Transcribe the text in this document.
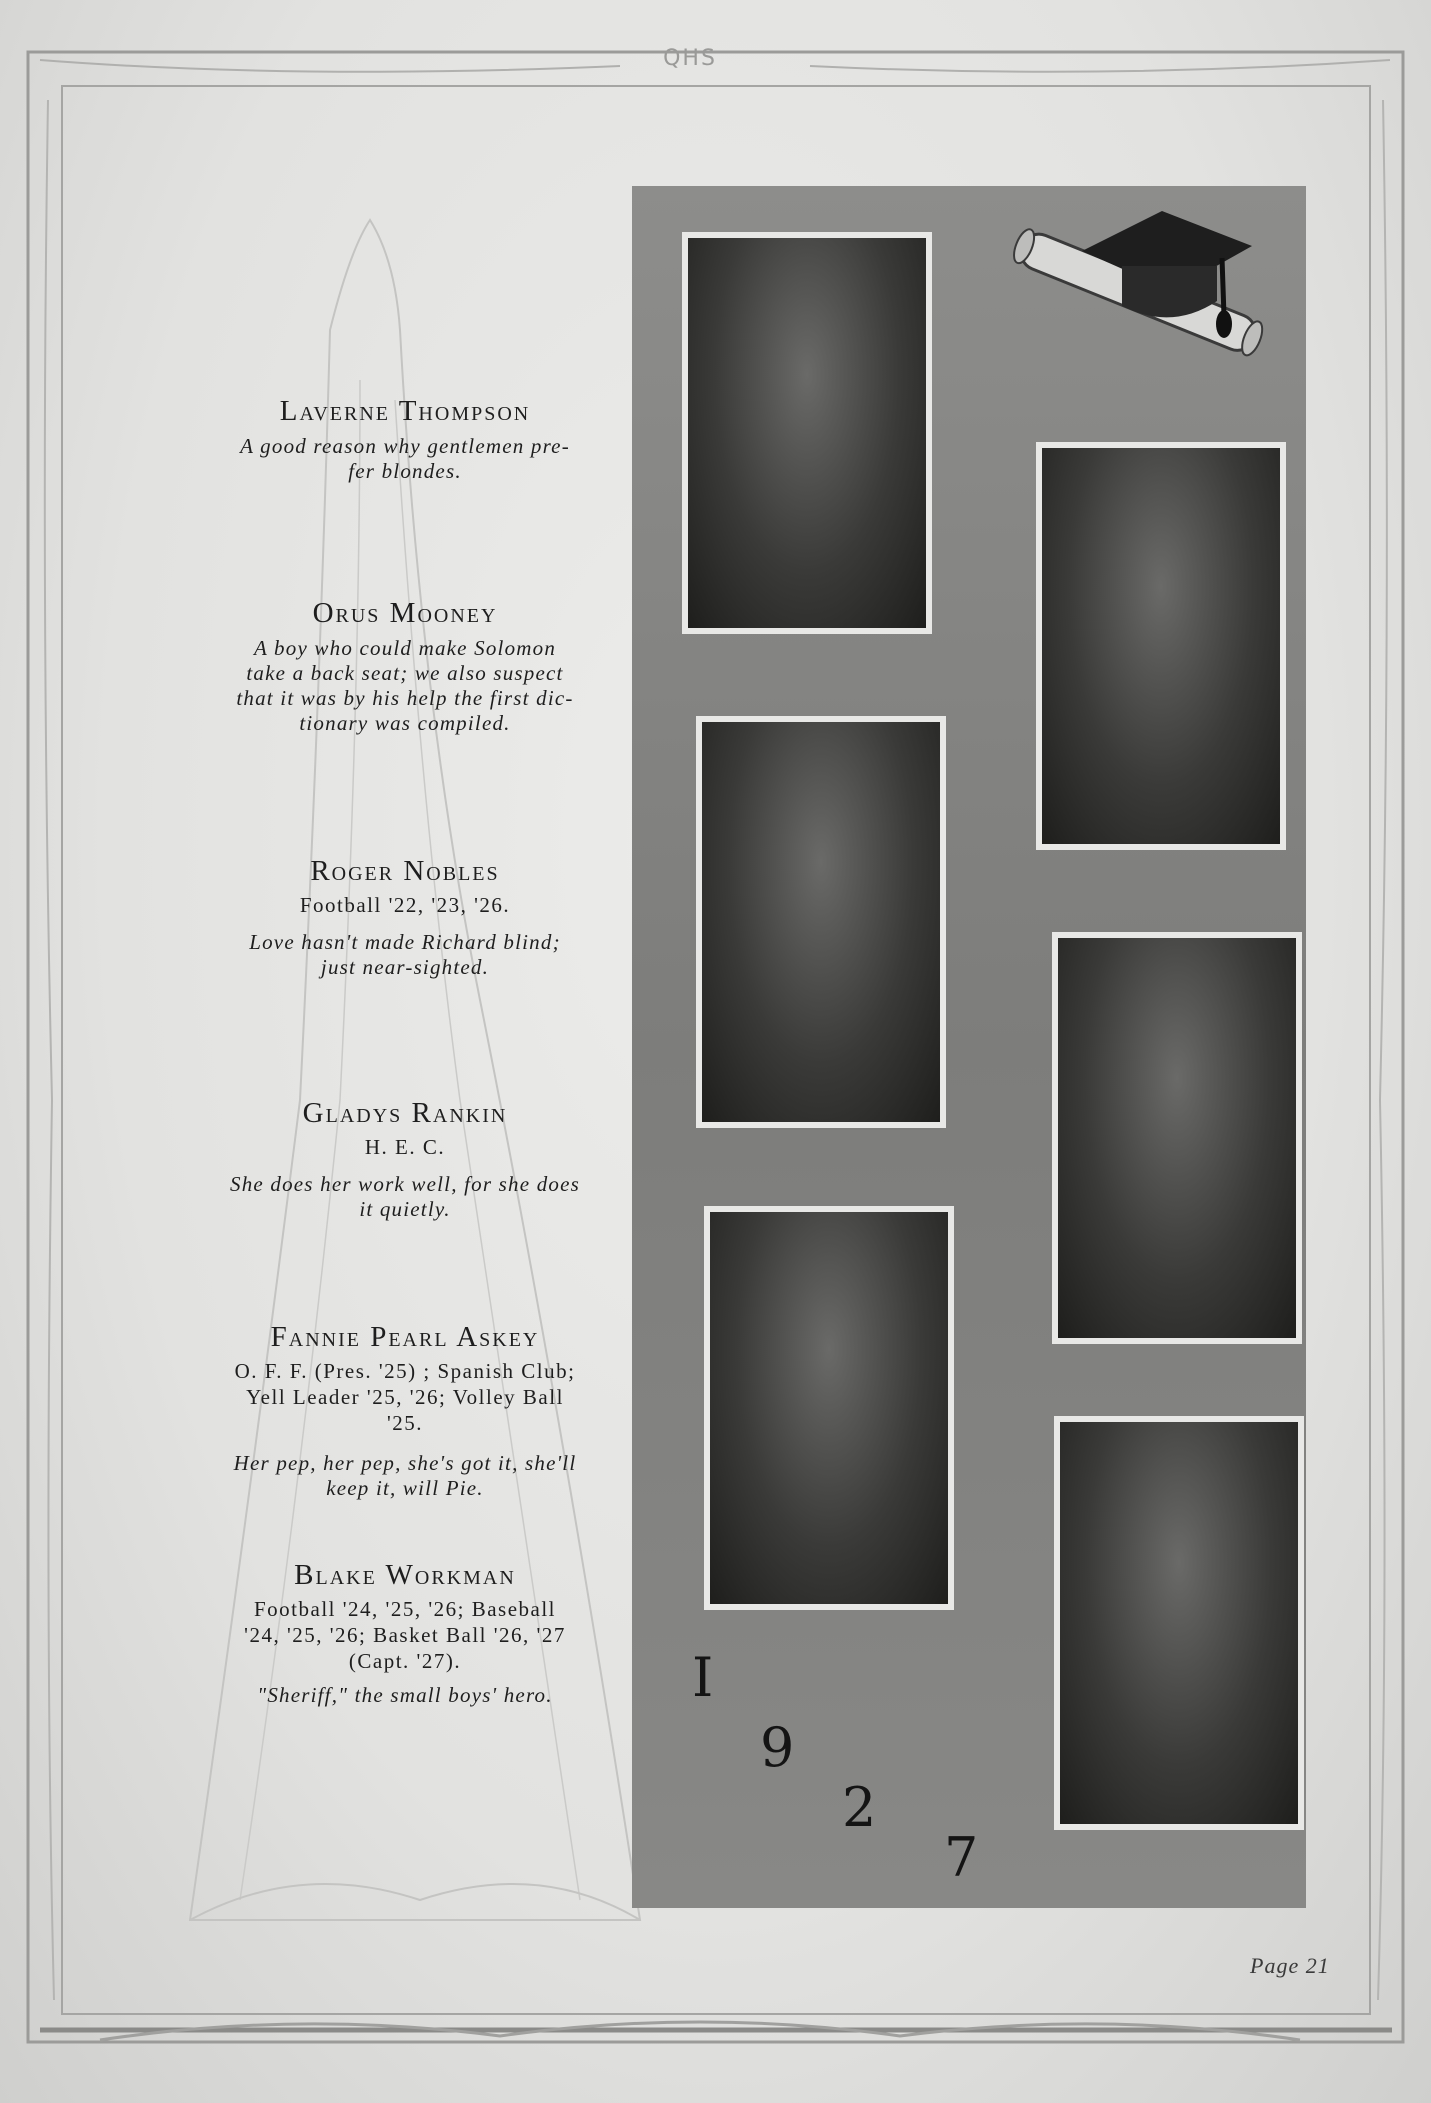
QHS

Laverne Thompson

A good reason why gentlemen pre-
fer blondes.

Orus Mooney

A boy who could make Solomon
take a back seat; we also suspect
that it was by his help the first dic-
tionary was compiled.

Roger Nobles

Football '22, '23, '26.

Love hasn't made Richard blind;
just near-sighted.

Gladys Rankin

H. E. C.

She does her work well, for she does
it quietly.

Fannie Pearl Askey

O. F. F. (Pres. '25) ; Spanish Club;
Yell Leader '25, '26; Volley Ball
'25.

Her pep, her pep, she's got it, she'll
keep it, will Pie.

Blake Workman

Football '24, '25, '26; Baseball
'24, '25, '26; Basket Ball '26, '27
(Capt. '27).

"Sheriff," the small boys' hero.	I
9
2
7
Page 21
